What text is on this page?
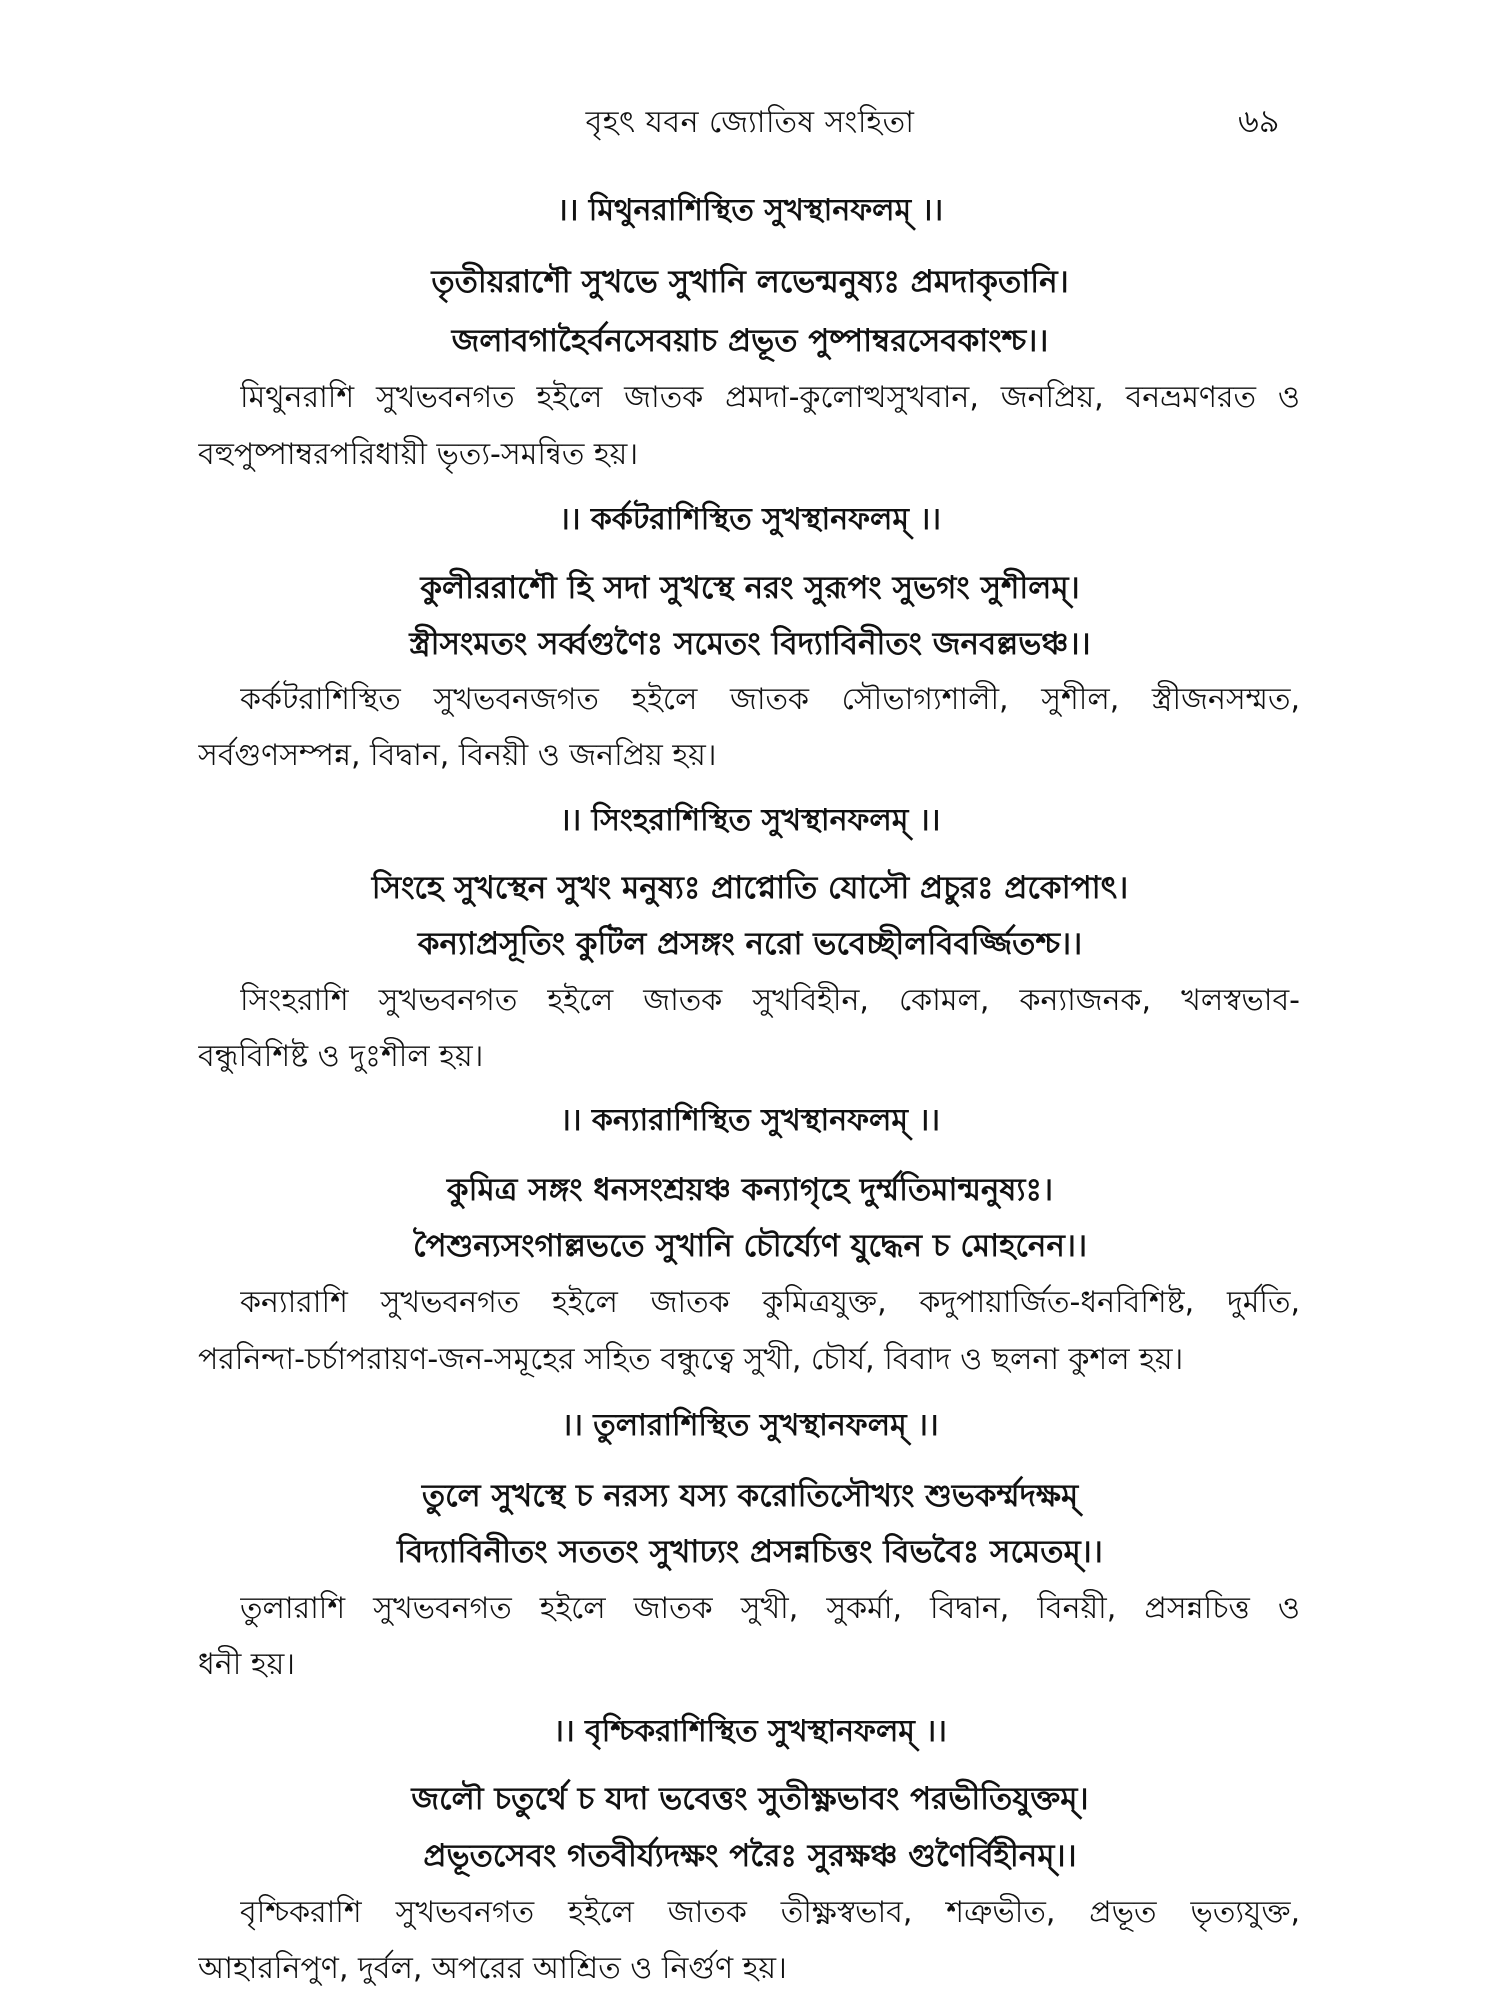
বৃহৎ যবন জ্যোতিষ সংহিতা	৬৯
।। মিথুনরাশিস্থিত সুখস্থানফলম্ ।।
তৃতীয়রাশৌ সুখভে সুখানি লভেন্মনুষ্যঃ প্রমদাকৃতানি।
জলাবগাহৈর্বনসেবয়াচ প্রভূত পুষ্পাম্বরসেবকাংশ্চ।।
মিথুনরাশি সুখভবনগত হইলে জাতক প্রমদা-কুলোত্থসুখবান, জনপ্রিয়, বনভ্রমণরত ও
বহুপুষ্পাম্বরপরিধায়ী ভৃত্য-সমন্বিত হয়।
।। কর্কটরাশিস্থিত সুখস্থানফলম্ ।।
কুলীররাশৌ হি সদা সুখস্থে নরং সুরূপং সুভগং সুশীলম্।
স্ত্রীসংমতং সর্ব্বগুণৈঃ সমেতং বিদ্যাবিনীতং জনবল্লভঞ্চ।।
কর্কটরাশিস্থিত সুখভবনজগত হইলে জাতক সৌভাগ্যশালী, সুশীল, স্ত্রীজনসম্মত,
সর্বগুণসম্পন্ন, বিদ্বান, বিনয়ী ও জনপ্রিয় হয়।
।। সিংহরাশিস্থিত সুখস্থানফলম্ ।।
সিংহে সুখস্থেন সুখং মনুষ্যঃ প্রাপ্নোতি যোসৌ প্রচুরঃ প্রকোপাৎ।
কন্যাপ্রসূতিং কুটিল প্রসঙ্গং নরো ভবেচ্ছীলবিবর্জ্জিতশ্চ।।
সিংহরাশি সুখভবনগত হইলে জাতক সুখবিহীন, কোমল, কন্যাজনক, খলস্বভাব-
বন্ধুবিশিষ্ট ও দুঃশীল হয়।
।। কন্যারাশিস্থিত সুখস্থানফলম্ ।।
কুমিত্র সঙ্গং ধনসংশ্রয়ঞ্চ কন্যাগৃহে দুর্ম্মতিমান্মনুষ্যঃ।
পৈশুন্যসংগাল্লভতে সুখানি চৌর্য্যেণ যুদ্ধেন চ মোহনেন।।
কন্যারাশি সুখভবনগত হইলে জাতক কুমিত্রযুক্ত, কদুপায়ার্জিত-ধনবিশিষ্ট, দুর্মতি,
পরনিন্দা-চর্চাপরায়ণ-জন-সমূহের সহিত বন্ধুত্বে সুখী, চৌর্য, বিবাদ ও ছলনা কুশল হয়।
।। তুলারাশিস্থিত সুখস্থানফলম্ ।।
তুলে সুখস্থে চ নরস্য যস্য করোতিসৌখ্যং শুভকর্ম্মদক্ষম্
বিদ্যাবিনীতং সততং সুখাঢ্যং প্রসন্নচিত্তং বিভবৈঃ সমেতম্।।
তুলারাশি সুখভবনগত হইলে জাতক সুখী, সুকর্মা, বিদ্বান, বিনয়ী, প্রসন্নচিত্ত ও
ধনী হয়।
।। বৃশ্চিকরাশিস্থিত সুখস্থানফলম্ ।।
জলৌ চতুর্থে চ যদা ভবেত্তং সুতীক্ষ্ণভাবং পরভীতিযুক্তম্।
প্রভূতসেবং গতবীর্য্যদক্ষং পরৈঃ সুরক্ষঞ্চ গুণৈর্বিহীনম্।।
বৃশ্চিকরাশি সুখভবনগত হইলে জাতক তীক্ষ্ণস্বভাব, শত্রুভীত, প্রভূত ভৃত্যযুক্ত,
আহারনিপুণ, দুর্বল, অপরের আশ্রিত ও নির্গুণ হয়।
